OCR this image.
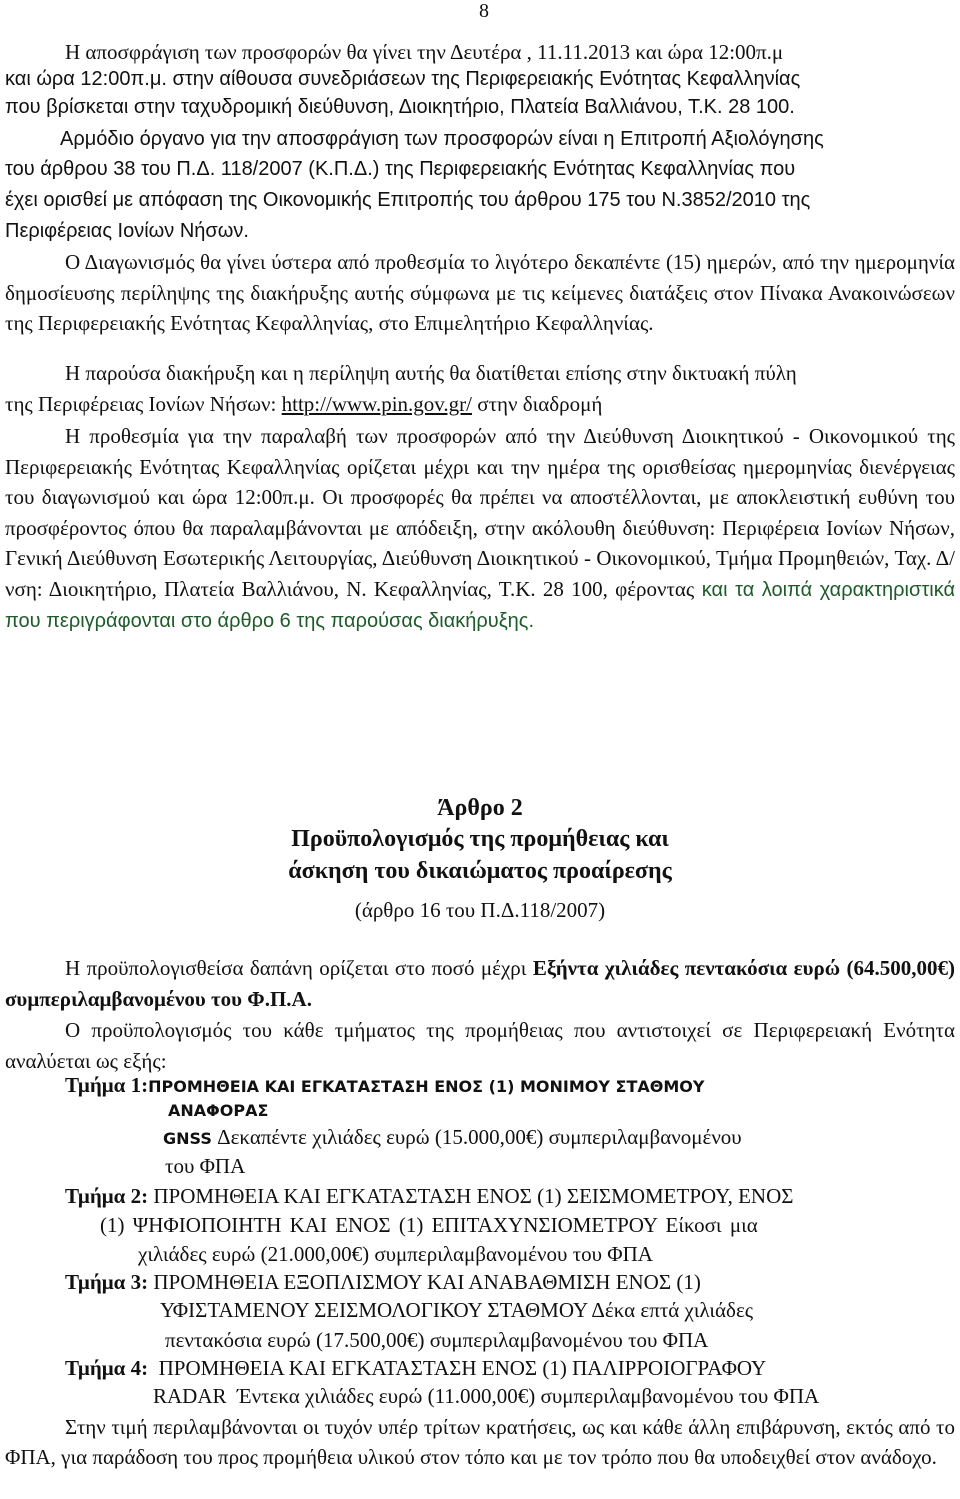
8
Η αποσφράγιση των προσφορών θα γίνει την Δευτέρα , 11.11.2013 και ώρα 12:00π.μ
και ώρα 12:00π.μ. στην αίθουσα συνεδριάσεων της Περιφερειακής Ενότητας Κεφαλληνίας
που βρίσκεται στην ταχυδρομική διεύθυνση, Διοικητήριο, Πλατεία Βαλλιάνου, Τ.Κ. 28 100.
Αρμόδιο όργανο για την αποσφράγιση των προσφορών είναι η Επιτροπή Αξιολόγησης
του άρθρου 38 του Π.Δ. 118/2007 (Κ.Π.Δ.) της Περιφερειακής Ενότητας Κεφαλληνίας που
έχει ορισθεί με απόφαση της Οικονομικής Επιτροπής του άρθρου 175 του Ν.3852/2010 της
Περιφέρειας Ιονίων Νήσων.
Ο Διαγωνισμός θα γίνει ύστερα από προθεσμία το λιγότερο δεκαπέντε (15) ημερών, από την ημερομηνία δημοσίευσης περίληψης της διακήρυξης αυτής σύμφωνα με τις κείμενες διατάξεις στον Πίνακα Ανακοινώσεων της Περιφερειακής Ενότητας Κεφαλληνίας, στο Επιμελητήριο Κεφαλληνίας.
Η παρούσα διακήρυξη και η περίληψη αυτής θα διατίθεται επίσης στην δικτυακή πύλη
της Περιφέρειας Ιονίων Νήσων: http://www.pin.gov.gr/ στην διαδρομή
Η προθεσμία για την παραλαβή των προσφορών από την Διεύθυνση Διοικητικού - Οικονομικού της Περιφερειακής Ενότητας Κεφαλληνίας ορίζεται μέχρι και την ημέρα της ορισθείσας ημερομηνίας διενέργειας του διαγωνισμού και ώρα 12:00π.μ. Οι προσφορές θα πρέπει να αποστέλλονται, με αποκλειστική ευθύνη του προσφέροντος όπου θα παραλαμβάνονται με απόδειξη, στην ακόλουθη διεύθυνση: Περιφέρεια Ιονίων Νήσων, Γενική Διεύθυνση Εσωτερικής Λειτουργίας, Διεύθυνση Διοικητικού - Οικονομικού, Τμήμα Προμηθειών, Ταχ. Δ/νση: Διοικητήριο, Πλατεία Βαλλιάνου, Ν. Κεφαλληνίας, Τ.Κ. 28 100, φέροντας και τα λοιπά χαρακτηριστικά που περιγράφονται στο άρθρο 6 της παρούσας διακήρυξης.
Άρθρο 2
Προϋπολογισμός της προμήθειας και
άσκηση του δικαιώματος προαίρεσης
(άρθρο 16 του Π.Δ.118/2007)
Η προϋπολογισθείσα δαπάνη ορίζεται στο ποσό μέχρι Εξήντα χιλιάδες πεντακόσια ευρώ (64.500,00€) συμπεριλαμβανομένου του Φ.Π.Α.
Ο προϋπολογισμός του κάθε τμήματος της προμήθειας που αντιστοιχεί σε Περιφερειακή Ενότητα αναλύεται ως εξής:
Τμήμα 1:ΠΡΟΜΗΘΕΙΑ ΚΑΙ ΕΓΚΑΤΑΣΤΑΣΗ ΕΝΟΣ (1) ΜΟΝΙΜΟΥ ΣΤΑΘΜΟΥ
ΑΝΑΦΟΡΑΣ
GNSS Δεκαπέντε χιλιάδες ευρώ (15.000,00€) συμπεριλαμβανομένου
του ΦΠΑ
Τμήμα 2: ΠΡΟΜΗΘΕΙΑ ΚΑΙ ΕΓΚΑΤΑΣΤΑΣΗ ΕΝΟΣ (1) ΣΕΙΣΜΟΜΕΤΡΟΥ, ΕΝΟΣ
(1) ΨΗΦΙΟΠΟΙΗΤΗ ΚΑΙ ΕΝΟΣ (1) ΕΠΙΤΑΧΥΝΣΙΟΜΕΤΡΟΥ Είκοσι μια
χιλιάδες ευρώ (21.000,00€) συμπεριλαμβανομένου του ΦΠΑ
Τμήμα 3: ΠΡΟΜΗΘΕΙΑ ΕΞΟΠΛΙΣΜΟΥ ΚΑΙ ΑΝΑΒΑΘΜΙΣΗ ΕΝΟΣ (1)
ΥΦΙΣΤΑΜΕΝΟΥ ΣΕΙΣΜΟΛΟΓΙΚΟΥ ΣΤΑΘΜΟΥ Δέκα επτά χιλιάδες
πεντακόσια ευρώ (17.500,00€) συμπεριλαμβανομένου του ΦΠΑ
Τμήμα 4:  ΠΡΟΜΗΘΕΙΑ ΚΑΙ ΕΓΚΑΤΑΣΤΑΣΗ ΕΝΟΣ (1) ΠΑΛΙΡΡΟΙΟΓΡΑΦΟΥ
RADAR  Έντεκα χιλιάδες ευρώ (11.000,00€) συμπεριλαμβανομένου του ΦΠΑ
Στην τιμή περιλαμβάνονται οι τυχόν υπέρ τρίτων κρατήσεις, ως και κάθε άλλη επιβάρυνση, εκτός από το ΦΠΑ, για παράδοση του προς προμήθεια υλικού στον τόπο και με τον τρόπο που θα υποδειχθεί στον ανάδοχο.
